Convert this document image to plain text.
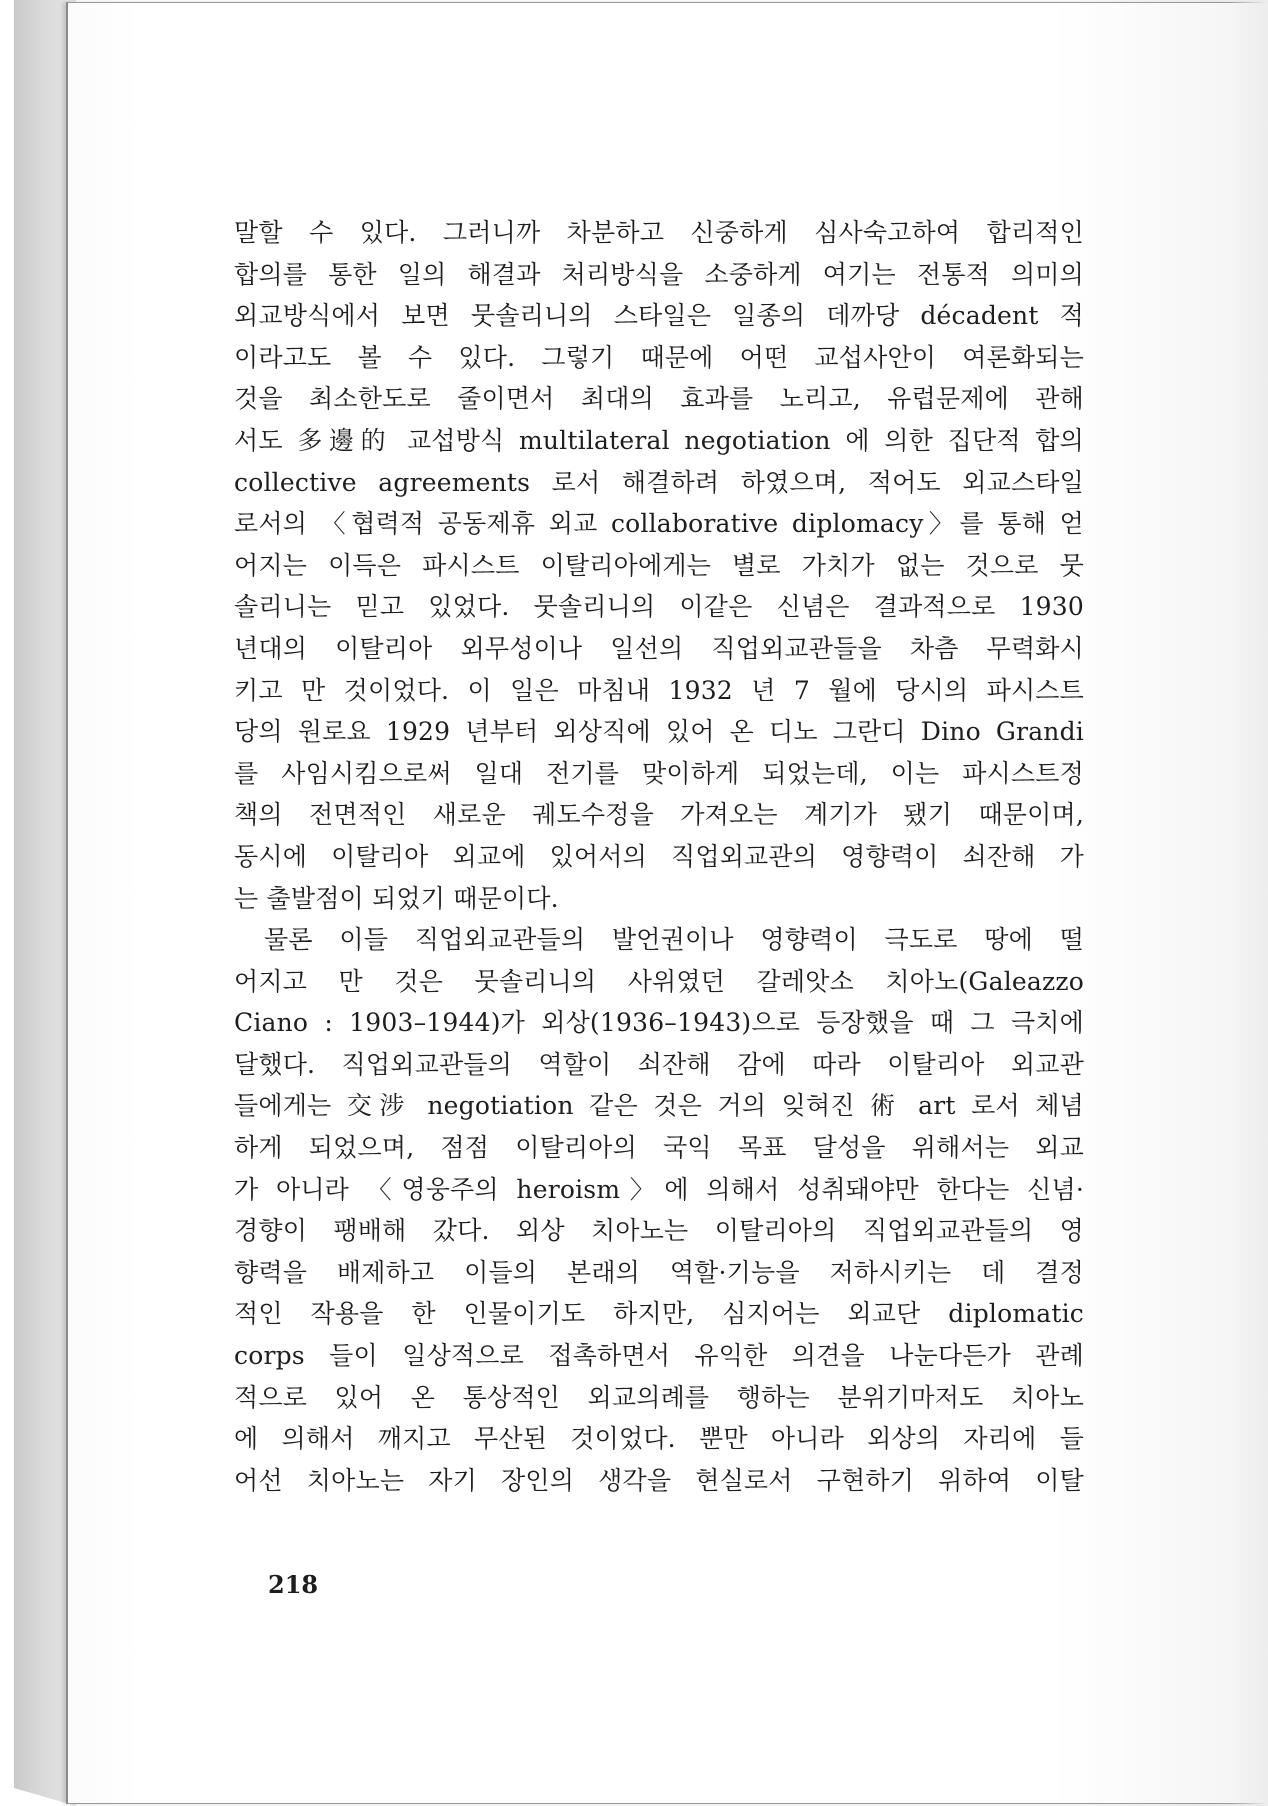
말할 수 있다. 그러니까 차분하고 신중하게 심사숙고하여 합리적인
합의를 통한 일의 해결과 처리방식을 소중하게 여기는 전통적 의미의
외교방식에서 보면 뭇솔리니의 스타일은 일종의 데까당 décadent 적
이라고도 볼 수 있다. 그렇기 때문에 어떤 교섭사안이 여론화되는
것을 최소한도로 줄이면서 최대의 효과를 노리고, 유럽문제에 관해
서도 多邊的 교섭방식 multilateral negotiation 에 의한 집단적 합의
collective agreements 로서 해결하려 하였으며, 적어도 외교스타일
로서의 〈협력적 공동제휴 외교 collaborative diplomacy〉를 통해 얻
어지는 이득은 파시스트 이탈리아에게는 별로 가치가 없는 것으로 뭇
솔리니는 믿고 있었다. 뭇솔리니의 이같은 신념은 결과적으로 1930
년대의 이탈리아 외무성이나 일선의 직업외교관들을 차츰 무력화시
키고 만 것이었다. 이 일은 마침내 1932 년 7 월에 당시의 파시스트
당의 원로요 1929 년부터 외상직에 있어 온 디노 그란디 Dino Grandi
를 사임시킴으로써 일대 전기를 맞이하게 되었는데, 이는 파시스트정
책의 전면적인 새로운 궤도수정을 가져오는 계기가 됐기 때문이며,
동시에 이탈리아 외교에 있어서의 직업외교관의 영향력이 쇠잔해 가
는 출발점이 되었기 때문이다.
물론 이들 직업외교관들의 발언권이나 영향력이 극도로 땅에 떨
어지고 만 것은 뭇솔리니의 사위였던 갈레앗소 치아노(Galeazzo
Ciano : 1903–1944)가 외상(1936–1943)으로 등장했을 때 그 극치에
달했다. 직업외교관들의 역할이 쇠잔해 감에 따라 이탈리아 외교관
들에게는 交涉 negotiation 같은 것은 거의 잊혀진 術 art 로서 체념
하게 되었으며, 점점 이탈리아의 국익 목표 달성을 위해서는 외교
가 아니라 〈영웅주의 heroism〉에 의해서 성취돼야만 한다는 신념·
경향이 팽배해 갔다. 외상 치아노는 이탈리아의 직업외교관들의 영
향력을 배제하고 이들의 본래의 역할·기능을 저하시키는 데 결정
적인 작용을 한 인물이기도 하지만, 심지어는 외교단 diplomatic
corps 들이 일상적으로 접촉하면서 유익한 의견을 나눈다든가 관례
적으로 있어 온 통상적인 외교의례를 행하는 분위기마저도 치아노
에 의해서 깨지고 무산된 것이었다. 뿐만 아니라 외상의 자리에 들
어선 치아노는 자기 장인의 생각을 현실로서 구현하기 위하여 이탈
218
